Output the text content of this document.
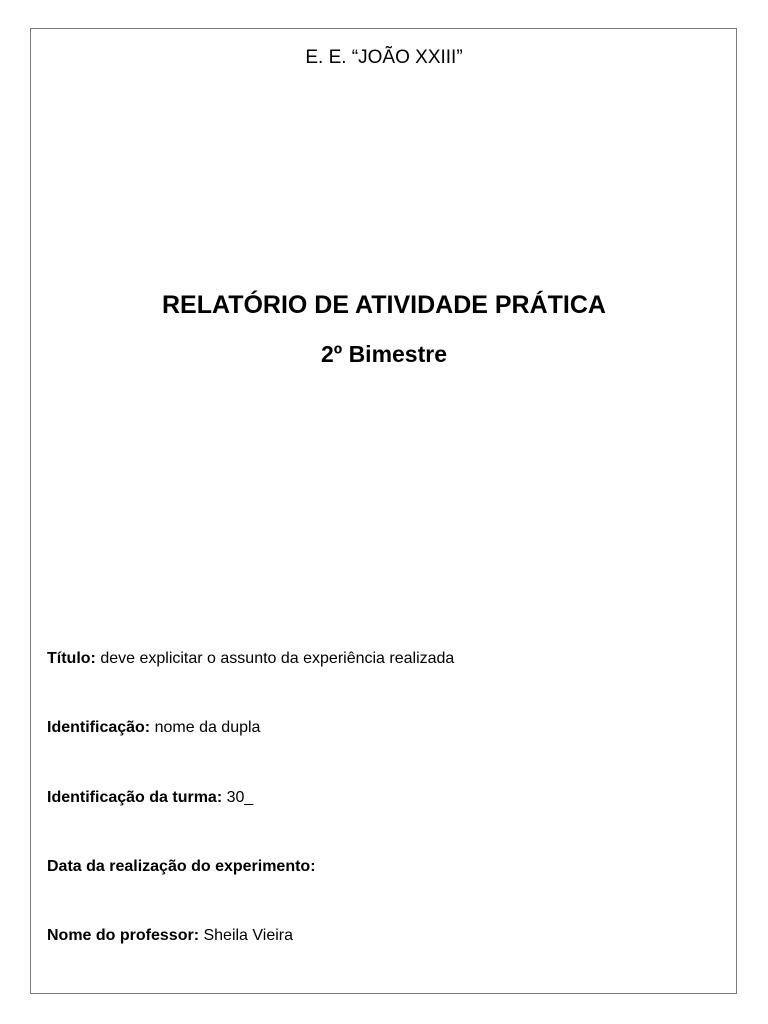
E. E. “JOÃO XXIII”
RELATÓRIO DE ATIVIDADE PRÁTICA
2º Bimestre
Título: deve explicitar o assunto da experiência realizada
Identificação: nome da dupla
Identificação da turma: 30_
Data da realização do experimento:
Nome do professor: Sheila Vieira
